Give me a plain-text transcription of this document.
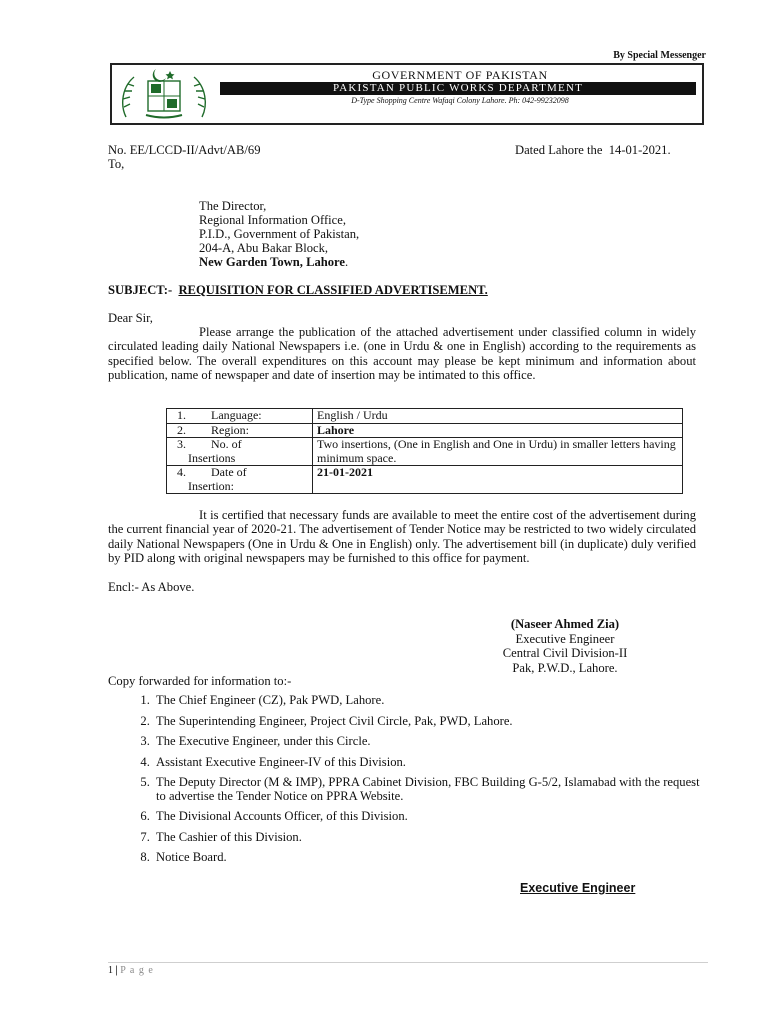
By Special Messenger
GOVERNMENT OF PAKISTAN
PAKISTAN PUBLIC WORKS DEPARTMENT
D-Type Shopping Centre Wafaqi Colony Lahore. Ph: 042-99232098
No. EE/LCCD-II/Advt/AB/69	Dated Lahore the 14-01-2021.
To,
The Director,
Regional Information Office,
P.I.D., Government of Pakistan,
204-A, Abu Bakar Block,
New Garden Town, Lahore.
SUBJECT:- REQUISITION FOR CLASSIFIED ADVERTISEMENT.
Dear Sir,
Please arrange the publication of the attached advertisement under classified column in widely circulated leading daily National Newspapers i.e. (one in Urdu & one in English) according to the requirements as specified below. The overall expenditures on this account may please be kept minimum and information about publication, name of newspaper and date of insertion may be intimated to this office.
1. Language:	English / Urdu

2. Region:	Lahore

3. No. of
Insertions	Two insertions, (One in English and One in Urdu) in smaller letters having minimum space.

4. Date of
Insertion:	21-01-2021
It is certified that necessary funds are available to meet the entire cost of the advertisement during the current financial year of 2020-21. The advertisement of Tender Notice may be restricted to two widely circulated daily National Newspapers (One in Urdu & One in English) only. The advertisement bill (in duplicate) duly verified by PID along with original newspapers may be furnished to this office for payment.
Encl:- As Above.
(Naseer Ahmed Zia)
Executive Engineer
Central Civil Division-II
Pak, P.W.D., Lahore.
Copy forwarded for information to:-
1. The Chief Engineer (CZ), Pak PWD, Lahore.
2. The Superintending Engineer, Project Civil Circle, Pak, PWD, Lahore.
3. The Executive Engineer, under this Circle.
4. Assistant Executive Engineer-IV of this Division.
5. The Deputy Director (M & IMP), PPRA Cabinet Division, FBC Building G-5/2, Islamabad with the request to advertise the Tender Notice on PPRA Website.
6. The Divisional Accounts Officer, of this Division.
7. The Cashier of this Division.
8. Notice Board.
Executive Engineer
1 | P a g e
